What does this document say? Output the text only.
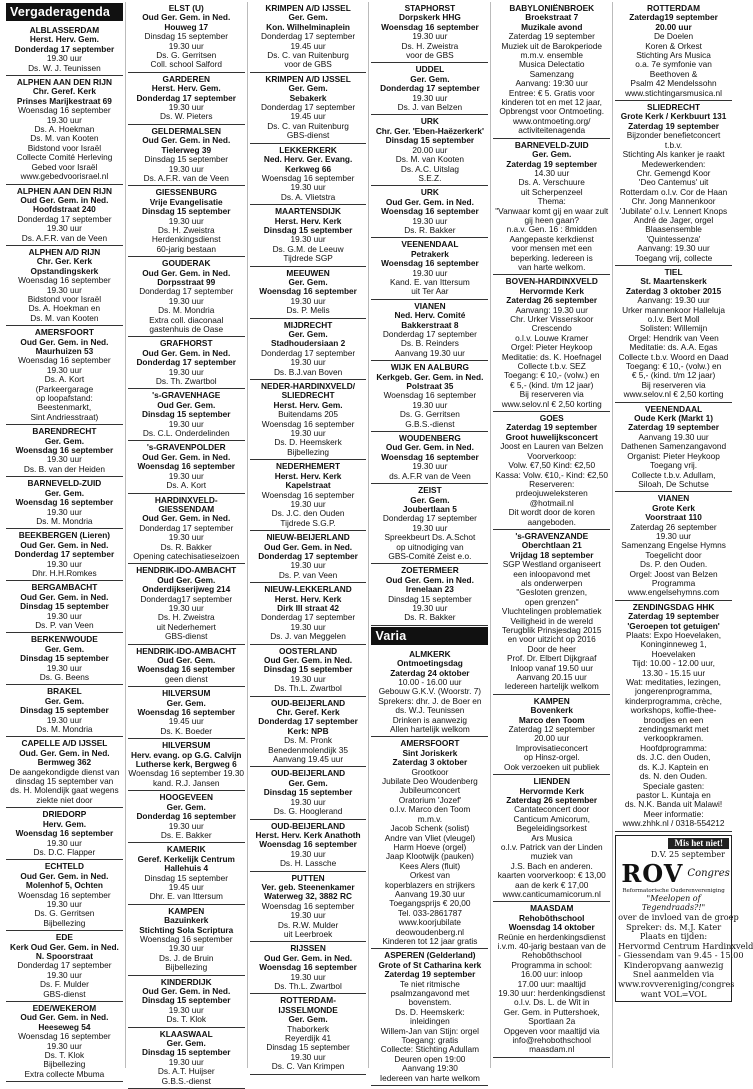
Vergaderagenda
ALBLASSERDAM
Herst. Herv. Gem.
Donderdag 17 september
19.30 uur
Ds. W. J. Teunissen
ALPHEN AAN DEN RIJN
Chr. Geref. Kerk
Prinses Marijkestraat 69
Woensdag 16 september
19.30 uur
Ds. A. Hoekman
Ds. M. van Kooten
Bidstond voor Israël
Collecte Comité Herleving
Gebed voor Israël
www.gebedvoorisrael.nl
ALPHEN AAN DEN RIJN
Oud Ger. Gem. in Ned.
Hoofdstraat 240
Donderdag 17 september
19.30 uur
Ds. A.F.R. van de Veen
ALPHEN A/D RIJN
Chr. Ger. Kerk
Opstandingskerk
Woensdag 16 september
19.30 uur
Bidstond voor Israël
Ds. A. Hoekman en
Ds. M. van Kooten
AMERSFOORT
Oud Ger. Gem. in Ned.
Maurhuizen 53
Woensdag 16 september
19.30 uur
Ds. A. Kort
(Parkeergarage
op loopafstand:
Beestenmarkt,
Sint Andriesstraat)
BARENDRECHT
Ger. Gem.
Woensdag 16 september
19.30 uur
Ds. B. van der Heiden
BARNEVELD-ZUID
Ger. Gem.
Woensdag 16 september
19.30 uur
Ds. M. Mondria
BEEKBERGEN (Lieren)
Oud Ger. Gem. in Ned.
Donderdag 17 september
19.30 uur
Dhr. H.H.Romkes
BERGAMBACHT
Oud Ger. Gem. in Ned.
Dinsdag 15 september
19.30 uur
Ds. P. van Veen
BERKENWOUDE
Ger. Gem.
Dinsdag 15 september
19.30 uur
Ds. G. Beens
BRAKEL
Ger. Gem.
Dinsdag 15 september
19.30 uur
Ds. M. Mondria
CAPELLE A/D IJSSEL
Oud. Ger. Gem. in Ned.
Bermweg 362
De aangekondigde dienst van
dinsdag 15 september van
ds. H. Molendijk gaat wegens
ziekte niet door
DRIEDORP
Herv. Gem.
Woensdag 16 september
19.30 uur
Ds. D.C. Flapper
ECHTELD
Oud Ger. Gem. in Ned.
Molenhof 5, Ochten
Woensdag 16 september
19.30 uur
Ds. G. Gerritsen
Bijbellezing
EDE
Kerk Oud Ger. Gem. in Ned.
N. Spoorstraat
Donderdag 17 september
19.30 uur
Ds. F. Mulder
GBS-dienst
EDE/WEKEROM
Oud Ger. Gem. in Ned.
Heeseweg 54
Woensdag 16 september
19.30 uur
Ds. T. Klok
Bijbellezing
Extra collecte Mbuma
ELST (U)
Oud Ger. Gem. in Ned.
Houweg 17
Dinsdag 15 september
19.30 uur
Ds. G. Gerritsen
Coll. school Salford
GARDEREN
Herst. Herv. Gem.
Donderdag 17 september
19.30 uur
Ds. W. Pieters
GELDERMALSEN
Oud Ger. Gem. in Ned.
Tielerweg 39
Dinsdag 15 september
19.30 uur
Ds. A.F.R. van de Veen
GIESSENBURG
Vrije Evangelisatie
Dinsdag 15 september
19.30 uur
Ds. H. Zweistra
Herdenkingsdienst
60-jarig bestaan
GOUDERAK
Oud Ger. Gem. in Ned.
Dorpsstraat 99
Donderdag 17 september
19.30 uur
Ds. M. Mondria
Extra coll. diaconaal
gastenhuis de Oase
GRAFHORST
Oud Ger. Gem. in Ned.
Donderdag 17 september
19.30 uur
Ds. Th. Zwartbol
's-GRAVENHAGE
Oud Ger. Gem.
Dinsdag 15 september
19.30 uur
Ds. C.L. Onderdelinden
's-GRAVENPOLDER
Oud Ger. Gem. in Ned.
Woensdag 16 september
19.30 uur
Ds. A. Kort
HARDINXVELD-
GIESSENDAM
Oud Ger. Gem. in Ned.
Donderdag 17 september
19.30 uur
Ds. R. Bakker
Opening catechisatieseizoen
HENDRIK-IDO-AMBACHT
Oud Ger. Gem.
Onderdijkserijweg 214
Donderdag17 september
19.30 uur
Ds. H. Zweistra
uit Nederhemert
GBS-dienst
HENDRIK-IDO-AMBACHT
Oud Ger. Gem.
Woensdag 16 september
geen dienst
HILVERSUM
Ger. Gem.
Woensdag 16 september
19.45 uur
Ds. K. Boeder
HILVERSUM
Herv. evang. op G.G. Calvijn
Lutherse kerk, Bergweg 6
Woensdag 16 september 19.30
kand. R.J. Jansen
HOOGEVEEN
Ger. Gem.
Donderdag 16 september
19.30 uur
Ds. E. Bakker
KAMERIK
Geref. Kerkelijk Centrum
Hallehuis 4
Dinsdag 15 september
19.45 uur
Dhr. E. van Ittersum
KAMPEN
Bazuinkerk
Stichting Sola Scriptura
Woensdag 16 september
19.30 uur
Ds. J. de Bruin
Bijbellezing
KINDERDIJK
Oud Ger. Gem. in Ned.
Dinsdag 15 september
19.30 uur
Ds. T. Klok
KLAASWAAL
Ger. Gem.
Dinsdag 15 september
19.30 uur
Ds. A.T. Huijser
G.B.S.-dienst
KRIMPEN A/D IJSSEL
Ger. Gem.
Kon. Wilhelminaplein
Donderdag 17 september
19.45 uur
Ds. C. van Ruitenburg
voor de GBS
KRIMPEN A/D IJSSEL
Ger. Gem.
Sebakerk
Donderdag 17 september
19.45 uur
Ds. C. van Ruitenburg
GBS-dienst
LEKKERKERK
Ned. Herv. Ger. Evang.
Kerkweg 66
Woensdag 16 september
19.30 uur
Ds. A. Vlietstra
MAARTENSDIJK
Herst. Herv. Kerk
Dinsdag 15 september
19.30 uur
Ds. G.M. de Leeuw
Tijdrede SGP
MEEUWEN
Ger. Gem.
Woensdag 16 september
19.30 uur
Ds. P. Melis
MIJDRECHT
Ger. Gem.
Stadhoudersiaan 2
Donderdag 17 september
19.30 uur
Ds. B.J.van Boven
NEDER-HARDINXVELD/
SLIEDRECHT
Herst. Herv. Gem.
Buitendams 205
Woensdag 16 september
19.30 uur
Ds. D. Heemskerk
Bijbellezing
NEDERHEMERT
Herst. Herv. Kerk
Kapelstraat
Woensdag 16 september
19.30 uur
Ds. J.C. den Ouden
Tijdrede S.G.P.
NIEUW-BEIJERLAND
Oud Ger. Gem. in Ned.
Donderdag 17 september
19.30 uur
Ds. P. van Veen
NIEUW-LEKKERLAND
Herst. Herv. Kerk
Dirk III straat 42
Donderdag 17 september
19.30 uur
Ds. J. van Meggelen
OOSTERLAND
Oud Ger. Gem. in Ned.
Dinsdag 15 september
19.30 uur
Ds. Th.L. Zwartbol
OUD-BEIJERLAND
Chr. Geref. Kerk
Donderdag 17 september
Kerk: NPB
Ds. M. Pronk
Benedenmolendijk 35
Aanvang 19.45 uur
OUD-BEIJERLAND
Ger. Gem.
Dinsdag 15 september
19.30 uur
Ds. G. Hooglerand
OUD-BEIJERLAND
Herst. Herv. Kerk Anathoth
Woensdag 16 september
19.30 uur
Ds. H. Lassche
PUTTEN
Ver. geb. Steenenkamer
Waterweg 32, 3882 RC
Woensdag 16 september
19.30 uur
Ds. R.W. Mulder
uit Leerbroek
RIJSSEN
Oud Ger. Gem. in Ned.
Woensdag 16 september
19.30 uur
Ds. Th.L. Zwartbol
ROTTERDAM-
IJSSELMONDE
Ger. Gem.
Thaborkerk
Reyerdijk 41
Dinsdag 15 september
19.30 uur
Ds. C. Van Krimpen
STAPHORST
Dorpskerk HHG
Woensdag 16 september
19.30 uur
Ds. H. Zweistra
voor de GBS
UDDEL
Ger. Gem.
Donderdag 17 september
19.30 uur
Ds. J. van Belzen
URK
Chr. Ger. 'Eben-Haëzerkerk'
Dinsdag 15 september
20.00 uur
Ds. M. van Kooten
Ds. A.C. Uitslag
S.E.Z.
URK
Oud Ger. Gem. in Ned.
Woensdag 16 september
19.30 uur
Ds. R. Bakker
VEENENDAAL
Petrakerk
Woensdag 16 september
19.30 uur
Kand. E. van Ittersum
uit Ter Aar
VIANEN
Ned. Herv. Comité
Bakkerstraat 8
Donderdag 17 september
Ds. B. Reinders
Aanvang 19.30 uur
WIJK EN AALBURG
Kerkgeb. Ger. Gem. in Ned.
Polstraat 35
Woensdag 16 september
19.30 uur
Ds. G. Gerritsen
G.B.S.-dienst
WOUDENBERG
Oud Ger. Gem. in Ned.
Woensdag 16 september
19.30 uur
ds. A.F.R van de Veen
ZEIST
Ger. Gem.
Joubertlaan 5
Donderdag 17 september
19.30 uur
Spreekbeurt Ds. A.Schot
op uitnodiging van
GBS-Comité Zeist e.o.
ZOETERMEER
Oud Ger. Gem. in Ned.
Irenelaan 23
Dinsdag 15 september
19.30 uur
Ds. R. Bakker
Varia
ALMKERK
Ontmoetingsdag
Zaterdag 24 oktober
10.00 - 16.00 uur
Gebouw G.K.V. (Woorstr. 7)
Sprekers: dhr. J. de Boer en
ds. W.J. Teunissen
Drinken is aanwezig
Allen hartelijk welkom
AMERSFOORT
Sint Joriskerk
Zaterdag 3 oktober
Grootkoor
Jubilate Deo Woudenberg
Jubileumconcert
Oratorium 'Jozef'
o.l.v. Marco den Toom
m.m.v.
Jacob Schenk (solist)
Andre van Vliet (vleugel)
Harm Hoeve (orgel)
Jaap Klootwijk (pauken)
Kees Alers (fluit)
Orkest van
koperblazers en strijkers
Aanvang 19.30 uur
Toegangsprijs € 20,00
Tel. 033-2861787
www.koorjubilate
deowoudenberg.nl
Kinderen tot 12 jaar gratis
ASPEREN (Gelderland)
Grote of St Catharina kerk
Zaterdag 19 september
Te niet ritmische
psalmzangavond met
bovenstem.
Ds. D. Heemskerk:
inleidingen
Willem-Jan van Stijn: orgel
Toegang: gratis
Collecte: Stichting Adullam
Deuren open 19:00
Aanvang 19:30
Iedereen van harte welkom
BABYLONIËNBROEK
Broekstraat 7
Muzikale avond
Zaterdag 19 september
Muziek uit de Barokperiode
m.m.v. ensemble
Musica Delectatio
Samenzang
Aanvang: 19:30 uur
Entree: € 5. Gratis voor
kinderen tot en met 12 jaar,
Opbrengst voor Ontmoeting.
www.ontmoeting.org/
activiteitenagenda
BARNEVELD-ZUID
Ger. Gem.
Zaterdag 19 september
14.30 uur
Ds. A. Verschuure
uit Scherpenzeel
Thema:
"Vanwaar komt gij en waar zult
gij heen gaan?
n.a.v. Gen. 16 : 8midden
Aangepaste kerkdienst
voor mensen met een
beperking. Iedereen is
van harte welkom.
BOVEN-HARDINXVELD
Hervormde Kerk
Zaterdag 26 september
Aanvang: 19.30 uur
Chr. Urker Visserskoor
Crescendo
o.l.v. Louwe Kramer
Orgel: Pieter Heykoop
Meditatie: ds. K. Hoefnagel
Collecte t.b.v. SEZ
Toegang: € 10,- (volw.) en
€ 5,- (kind. t/m 12 jaar)
Bij reserveren via
www.selov.nl € 2,50 korting
GOES
Zaterdag 19 september
Groot huwelijksconcert
Joost en Lauren van Belzen
Voorverkoop:
Volw. €7,50 Kind: €2,50
Kassa: Volw. €10,- Kind: €2,50
Reserveren:
prdeojuweleksteren
@hotmail.nl
Dit wordt door de koren
aangeboden.
's-GRAVENZANDE
Oberchtlaan 21
Vrijdag 18 september
SGP Westland organiseert
een inloopavond met
als onderwerpen
"Gesloten grenzen,
open grenzen"
Vluchtelingen problematiek
Veiligheid in de wereld
Terugblik Prinsjesdag 2015
en voor uitzicht op 2016
Door de heer
Prof. Dr. Elbert Dijkgraaf
Inloop vanaf 19.50 uur
Aanvang 20.15 uur
Iedereen hartelijk welkom
KAMPEN
Bovenkerk
Marco den Toom
Zaterdag 12 september
20.00 uur
Improvisatieconcert
op Hinsz-orgel.
Ook verzoeken uit publiek
LIENDEN
Hervormde Kerk
Zaterdag 26 september
Cantateconcert door
Canticum Amicorum,
Begeleidingsorkest
Ars Musica
o.l.v. Patrick van der Linden
muziek van
J.S. Bach en anderen.
kaarten voorverkoop: € 13,00
aan de kerk € 17,00
www.canticumamicorum.nl
MAASDAM
Rehobôthschool
Woensdag 14 oktober
Reünie en herdenkingsdienst
i.v.m. 40-jarig bestaan van de
Rehobôthschool
Programma in school:
16.00 uur: inloop
17.00 uur: maaltijd
19.30 uur: herdenkingsdienst
o.l.v. Ds. L. de Wit in
Ger. Gem. in Puttershoek,
Sportlaan 2a
Opgeven voor maaltijd via
info@rehobothschool
maasdam.nl
ROTTERDAM
Zaterdag19 september
20.00 uur
De Doelen
Koren & Orkest
Stichting Ars Musica
o.a. 7e symfonie van
Beethoven &
Psalm 42 Mendelssohn
www.stichtingarsmusica.nl
SLIEDRECHT
Grote Kerk / Kerkbuurt 131
Zaterdag 19 september
Bijzonder benefietconcert
t.b.v.
Stichting Als kanker je raakt
Medewerkenden:
Chr. Gemengd Koor
'Deo Cantemus' uit
Rotterdam o.l.v. Cor de Haan
Chr. Jong Mannenkoor
'Jubilate' o.l.v. Lennert Knops
André de Jager, orgel
Blaasensemble
'Quintessenza'
Aanvang: 19.30 uur
Toegang vrij, collecte
TIEL
St. Maartenskerk
Zaterdag 3 oktober 2015
Aanvang: 19.30 uur
Urker mannenkoor Halleluja
o.l.v. Bert Moll
Solisten: Willemijn
Orgel: Hendrik van Veen
Meditatie: ds. A.A. Egas
Collecte t.b.v. Woord en Daad
Toegang: € 10,- (volw.) en
€ 5,- (kind. t/m 12 jaar)
Bij reserveren via
www.selov.nl € 2,50 korting
VEENENDAAL
Oude Kerk (Markt 1)
Zaterdag 19 september
Aanvang 19.30 uur
Dathenen Samenzangavond
Organist: Pieter Heykoop
Toegang vrij.
Collecte t.b.v. Adullam,
Siloah, De Schutse
VIANEN
Grote Kerk
Voorstraat 110
Zaterdag 26 september
19.30 uur
Samenzang Engelse Hymns
Toegelicht door
Ds. P. den Ouden.
Orgel: Joost van Belzen
Programma
www.engelsehymns.com
ZENDINGSDAG HHK
Zaterdag 19 september
'Geroepen tot getuigen'
Plaats: Expo Hoevelaken,
Koninginneweg 1,
Hoevelaken
Tijd: 10.00 - 12.00 uur,
13.30 - 15.15 uur
Wat: meditaties, lezingen,
jongerenprogramma,
kinderprogramma, crèche,
workshops, koffie-thee-
broodjes en een
zendingsmarkt met
verkoopkramen.
Hoofdprogramma:
ds. J.C. den Ouden,
ds. K.J. Kaptein en
ds. N. den Ouden.
Speciale gasten:
pastor L. Kuntaja en
ds. N.K. Banda uit Malawi!
Meer informatie:
www.zhhk.nl / 0318-554212
Mis het niet!
D.V. 25 september
ROV Congres
Reformatorische Ouderenvereniging
"Meelopen of Tegendraads?!"
over de invloed van de groep
Spreker: ds. M.J. Kater
Plaats en tijden:
Hervormd Centrum Hardinxveld
- Giessendam van 9.45 - 15.00
Kinderopvang aanwezig
Snel aanmelden via
www.rovvereniging/congres
want VOL=VOL
